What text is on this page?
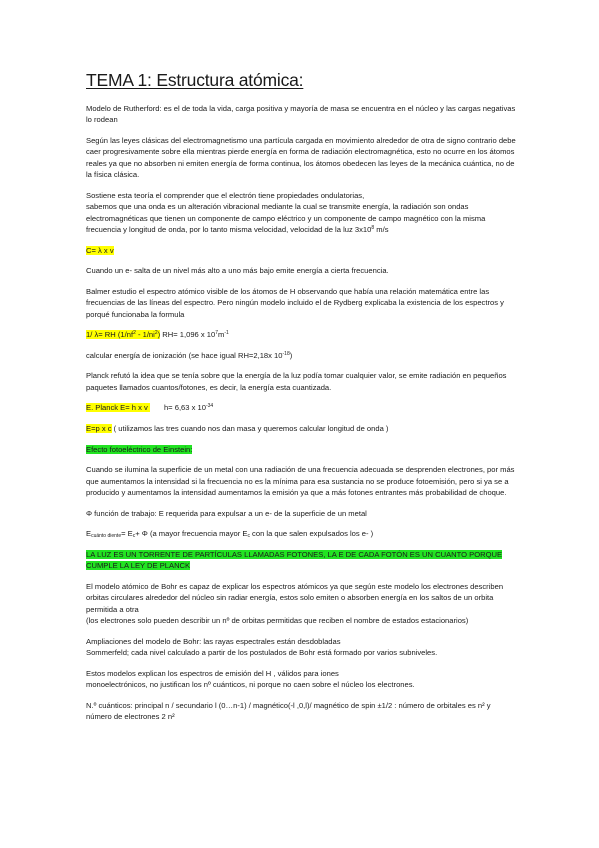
TEMA 1: Estructura atómica:

Modelo de Rutherford: es el de toda la vida, carga positiva y mayoría de masa se encuentra en el núcleo y las cargas negativas lo rodean

Según las leyes clásicas del electromagnetismo una partícula cargada en movimiento alrededor de otra de signo contrario debe caer progresivamente sobre ella mientras pierde energía en forma de radiación electromagnética, esto no ocurre en los átomos reales ya que no absorben ni emiten energía de forma continua, los átomos obedecen las leyes de la mecánica cuántica, no de la física clásica.

Sostiene esta teoría el comprender que el electrón tiene propiedades ondulatorias,
sabemos que una onda es un alteración vibracional mediante la cual se transmite energía, la radiación son ondas electromagnéticas que tienen un componente de campo eléctrico y un componente de campo magnético con la misma frecuencia y longitud de onda, por lo tanto misma velocidad, velocidad de la luz $3x10^8$ m/s

C= λ x v

Cuando un e- salta de un nivel más alto a uno más bajo emite energía a cierta frecuencia.

Balmer estudio el espectro atómico visible de los átomos de H observando que había una relación matemática entre las frecuencias de las líneas del espectro. Pero ningún modelo incluido el de Rydberg explicaba la existencia de los espectros y porqué funcionaba la formula

1/ λ= RH $(1/nf^2 - 1/ni^2)$ RH= 1,096 x $10^7m^{-1}$

calcular energía de ionización (se hace igual RH=2,18x $10^{-18}$)

Planck refutó la idea que se tenía sobre que la energía de la luz podía tomar cualquier valor, se emite radiación en pequeños paquetes llamados cuantos/fotones, es decir, la energía esta cuantizada.

E. Planck E= h x v h= 6,63 x $10^{-34}$

E=p x c ( utilizamos las tres cuando nos dan masa y queremos calcular longitud de onda )

Efecto fotoeléctrico de Einstein:

Cuando se ilumina la superficie de un metal con una radiación de una frecuencia adecuada se desprenden electrones, por más que aumentamos la intensidad si la frecuencia no es la mínima para esa sustancia no se produce fotoemisión, pero si ya se a producido y aumentamos la intensidad aumentamos la emisión ya que a más fotones entrantes más probabilidad de choque.

Φ función de trabajo: E requerida para expulsar a un e- de la superficie de un metal

$E_{cuánto diente}= E_c+ \Phi$ (a mayor frecuencia mayor $E_c$ con la que salen expulsados los e- )

LA LUZ ES UN TORRENTE DE PARTÍCULAS LLAMADAS FOTONES, LA E DE CADA FOTÓN ES UN CUANTO PORQUE CUMPLE LA LEY DE PLANCK

El modelo atómico de Bohr es capaz de explicar los espectros atómicos ya que según este modelo los electrones describen orbitas circulares alrededor del núcleo sin radiar energía, estos solo emiten o absorben energía en los saltos de un orbita permitida a otra
(los electrones solo pueden describir un nº de orbitas permitidas que reciben el nombre de estados estacionarios)

Ampliaciones del modelo de Bohr: las rayas espectrales están desdobladas
Sommerfeld; cada nivel calculado a partir de los postulados de Bohr está formado por varios subniveles.

Estos modelos explican los espectros de emisión del H , válidos para iones
monoelectrónicos, no justifican los nº cuánticos, ni porque no caen sobre el núcleo los electrones.

N.º cuánticos: principal n / secundario l (0…n-1) / magnético(-l ,0,l)/ magnético de spin ±1/2 : número de orbitales es n² y número de electrones 2 n²
